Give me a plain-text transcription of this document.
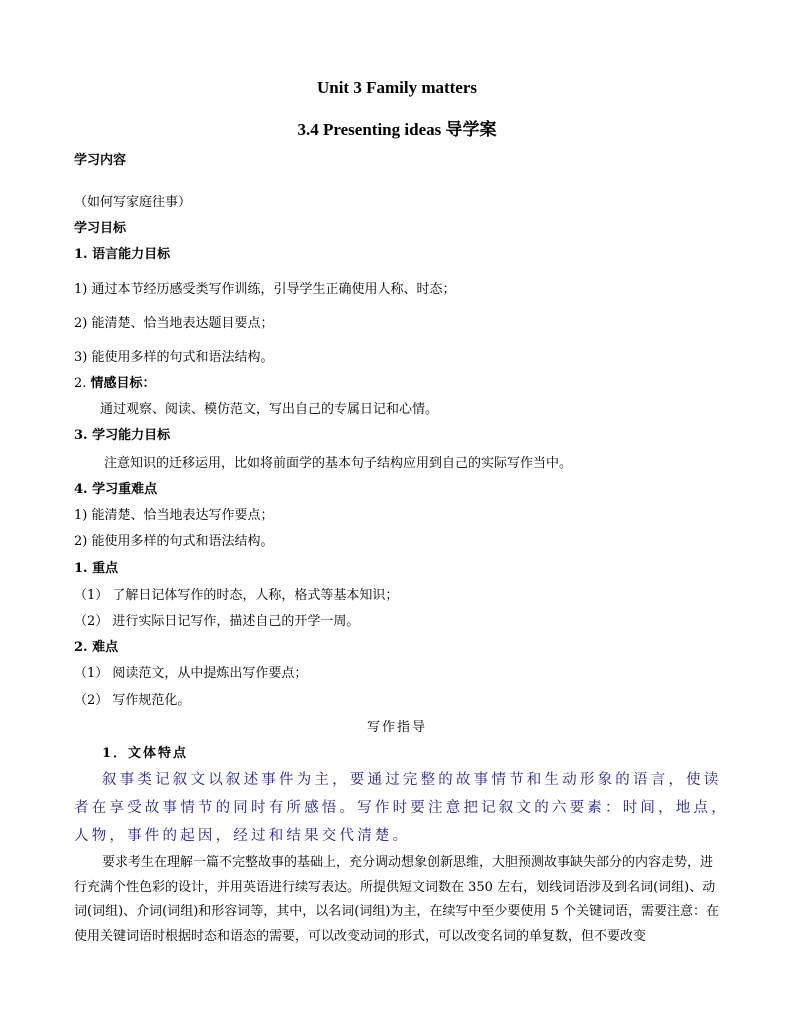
Unit 3 Family matters
3.4 Presenting ideas 导学案
学习内容
（如何写家庭往事）
学习目标
1. 语言能力目标
1) 通过本节经历感受类写作训练，引导学生正确使用人称、时态；
2) 能清楚、恰当地表达题目要点；
3) 能使用多样的句式和语法结构。
2. 情感目标：
通过观察、阅读、模仿范文，写出自己的专属日记和心情。
3. 学习能力目标
注意知识的迁移运用，比如将前面学的基本句子结构应用到自己的实际写作当中。
4. 学习重难点
1) 能清楚、恰当地表达写作要点；
2) 能使用多样的句式和语法结构。
1. 重点
（1） 了解日记体写作的时态，人称，格式等基本知识；
（2） 进行实际日记写作，描述自己的开学一周。
2. 难点
（1） 阅读范文，从中提炼出写作要点；
（2） 写作规范化。
写作指导
1．文体特点
叙事类记叙文以叙述事件为主，要通过完整的故事情节和生动形象的语言，使读
者在享受故事情节的同时有所感悟。写作时要注意把记叙文的六要素：时间，地点，
人物，事件的起因，经过和结果交代清楚。
要求考生在理解一篇不完整故事的基础上，充分调动想象创新思维，大胆预测故事缺失部分的内容走势，进行充满个性色彩的设计，并用英语进行续写表达。所提供短文词数在 350 左右，划线词语涉及到名词(词组)、动词(词组)、介词(词组)和形容词等，其中，以名词(词组)为主，在续写中至少要使用 5 个关键词语，需要注意：在使用关键词语时根据时态和语态的需要，可以改变动词的形式，可以改变名词的单复数，但不要改变
